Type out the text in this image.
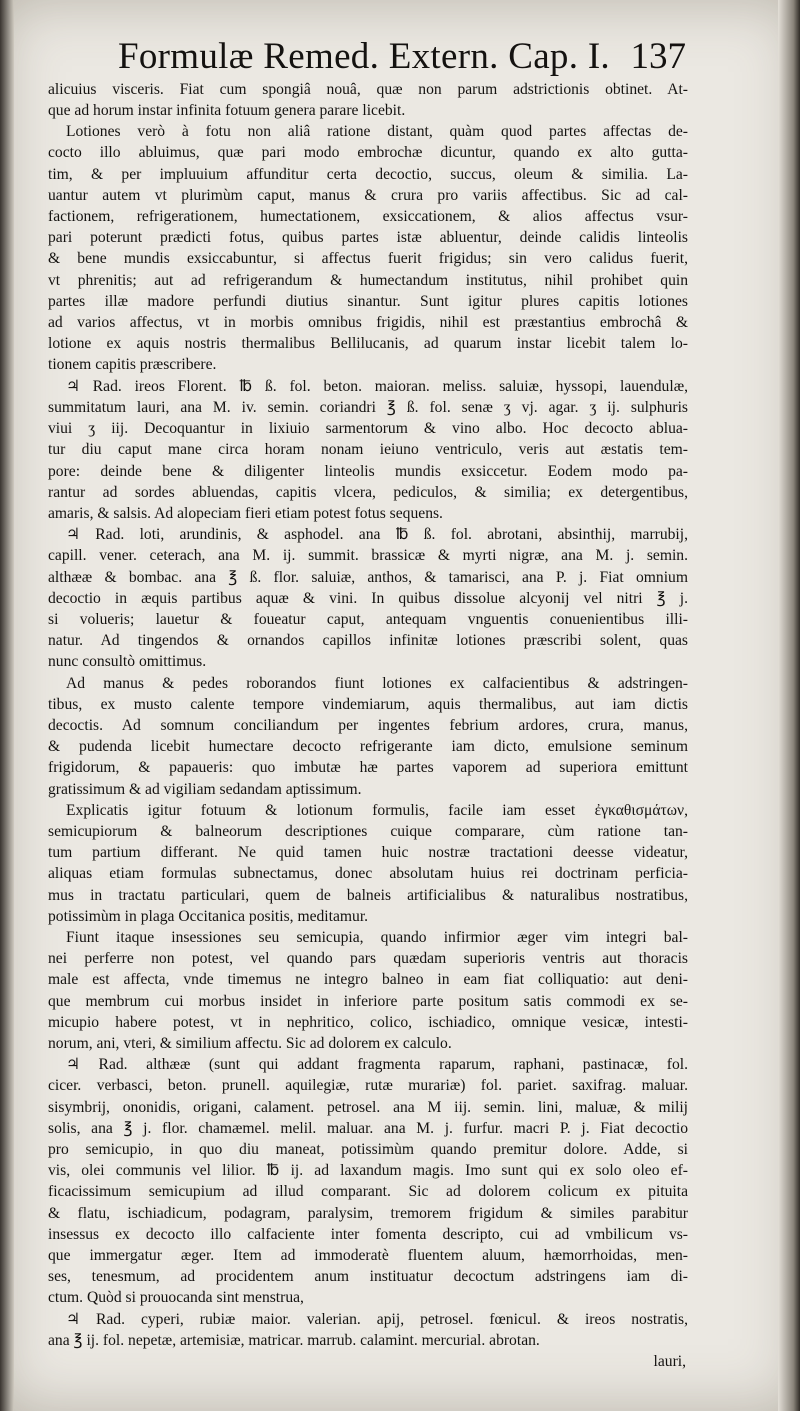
Formulæ Remed. Extern. Cap. I. 137
alicuius visceris. Fiat cum spongiâ nouâ, quæ non parum adstrictionis obtinet. At-
que ad horum instar infinita fotuum genera parare licebit.
Lotiones verò à fotu non aliâ ratione distant, quàm quod partes affectas de-
cocto illo abluimus, quæ pari modo embrochæ dicuntur, quando ex alto gutta-
tim, & per impluuium affunditur certa decoctio, succus, oleum & similia. La-
uantur autem vt plurimùm caput, manus & crura pro variis affectibus. Sic ad cal-
factionem, refrigerationem, humectationem, exsiccationem, & alios affectus vsur-
pari poterunt prædicti fotus, quibus partes istæ abluentur, deinde calidis linteolis
& bene mundis exsiccabuntur, si affectus fuerit frigidus; sin vero calidus fuerit,
vt phrenitis; aut ad refrigerandum & humectandum institutus, nihil prohibet quin
partes illæ madore perfundi diutius sinantur. Sunt igitur plures capitis lotiones
ad varios affectus, vt in morbis omnibus frigidis, nihil est præstantius embrochâ &
lotione ex aquis nostris thermalibus Bellilucanis, ad quarum instar licebit talem lo-
tionem capitis præscribere.
♃ Rad. ireos Florent. ℔ ß. fol. beton. maioran. meliss. saluiæ, hyssopi, lauendulæ,
summitatum lauri, ana M. iv. semin. coriandri ℥ ß. fol. senæ ʒ vj. agar. ʒ ij. sulphuris
viui ʒ iij. Decoquantur in lixiuio sarmentorum & vino albo. Hoc decocto ablua-
tur diu caput mane circa horam nonam ieiuno ventriculo, veris aut æstatis tem-
pore: deinde bene & diligenter linteolis mundis exsiccetur. Eodem modo pa-
rantur ad sordes abluendas, capitis vlcera, pediculos, & similia; ex detergentibus,
amaris, & salsis. Ad alopeciam fieri etiam potest fotus sequens.
♃ Rad. loti, arundinis, & asphodel. ana ℔ ß. fol. abrotani, absinthij, marrubij,
capill. vener. ceterach, ana M. ij. summit. brassicæ & myrti nigræ, ana M. j. semin.
althææ & bombac. ana ℥ ß. flor. saluiæ, anthos, & tamarisci, ana P. j. Fiat omnium
decoctio in æquis partibus aquæ & vini. In quibus dissolue alcyonij vel nitri ℥ j.
si volueris; lauetur & foueatur caput, antequam vnguentis conuenientibus illi-
natur. Ad tingendos & ornandos capillos infinitæ lotiones præscribi solent, quas
nunc consultò omittimus.
Ad manus & pedes roborandos fiunt lotiones ex calfacientibus & adstringen-
tibus, ex musto calente tempore vindemiarum, aquis thermalibus, aut iam dictis
decoctis. Ad somnum conciliandum per ingentes febrium ardores, crura, manus,
& pudenda licebit humectare decocto refrigerante iam dicto, emulsione seminum
frigidorum, & papaueris: quo imbutæ hæ partes vaporem ad superiora emittunt
gratissimum & ad vigiliam sedandam aptissimum.
Explicatis igitur fotuum & lotionum formulis, facile iam esset ἐγκαθισμάτων,
semicupiorum & balneorum descriptiones cuique comparare, cùm ratione tan-
tum partium differant. Ne quid tamen huic nostræ tractationi deesse videatur,
aliquas etiam formulas subnectamus, donec absolutam huius rei doctrinam perficia-
mus in tractatu particulari, quem de balneis artificialibus & naturalibus nostratibus,
potissimùm in plaga Occitanica positis, meditamur.
Fiunt itaque insessiones seu semicupia, quando infirmior æger vim integri bal-
nei perferre non potest, vel quando pars quædam superioris ventris aut thoracis
male est affecta, vnde timemus ne integro balneo in eam fiat colliquatio: aut deni-
que membrum cui morbus insidet in inferiore parte positum satis commodi ex se-
micupio habere potest, vt in nephritico, colico, ischiadico, omnique vesicæ, intesti-
norum, ani, vteri, & similium affectu. Sic ad dolorem ex calculo.
♃ Rad. althææ (sunt qui addant fragmenta raparum, raphani, pastinacæ, fol.
cicer. verbasci, beton. prunell. aquilegiæ, rutæ murariæ) fol. pariet. saxifrag. maluar.
sisymbrij, ononidis, origani, calament. petrosel. ana M iij. semin. lini, maluæ, & milij
solis, ana ℥ j. flor. chamæmel. melil. maluar. ana M. j. furfur. macri P. j. Fiat decoctio
pro semicupio, in quo diu maneat, potissimùm quando premitur dolore. Adde, si
vis, olei communis vel lilior. ℔ ij. ad laxandum magis. Imo sunt qui ex solo oleo ef-
ficacissimum semicupium ad illud comparant. Sic ad dolorem colicum ex pituita
& flatu, ischiadicum, podagram, paralysim, tremorem frigidum & similes parabitur
insessus ex decocto illo calfaciente inter fomenta descripto, cui ad vmbilicum vs-
que immergatur æger. Item ad immoderatè fluentem aluum, hæmorrhoidas, men-
ses, tenesmum, ad procidentem anum instituatur decoctum adstringens iam di-
ctum. Quòd si prouocanda sint menstrua,
♃ Rad. cyperi, rubiæ maior. valerian. apij, petrosel. fœnicul. & ireos nostratis,
ana ℥ ij. fol. nepetæ, artemisiæ, matricar. marrub. calamint. mercurial. abrotan.
lauri,
